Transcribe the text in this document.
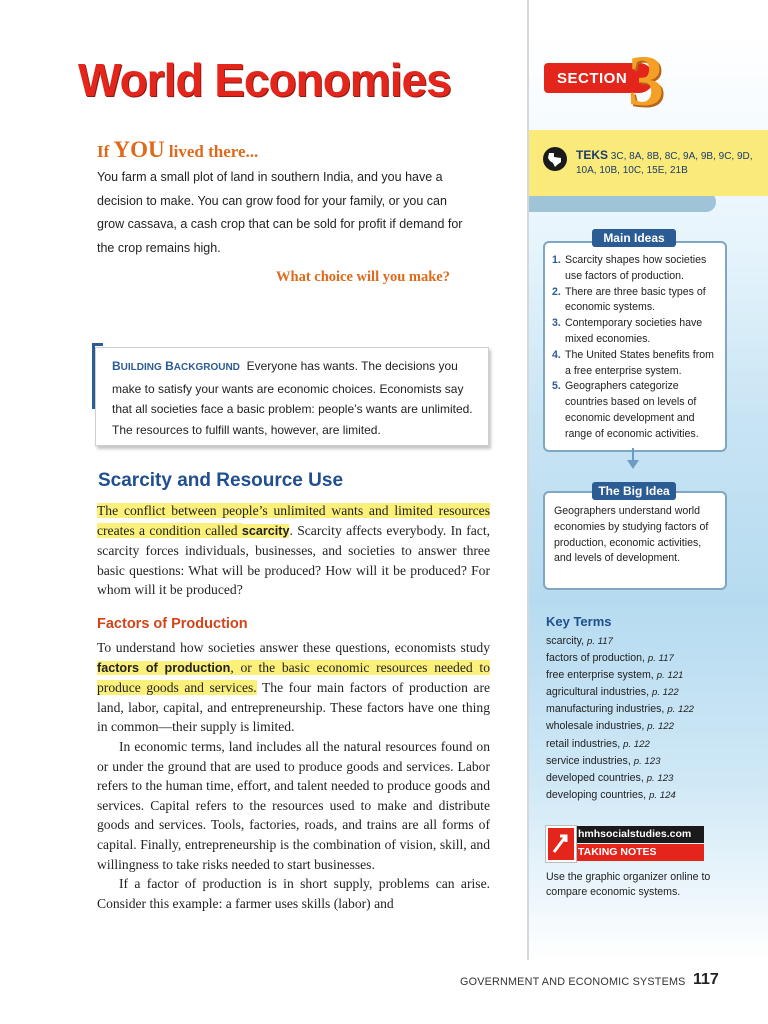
SECTION 3
TEKS 3C, 8A, 8B, 8C, 9A, 9B, 9C, 9D, 10A, 10B, 10C, 15E, 21B
World Economies
If YOU lived there...
You farm a small plot of land in southern India, and you have a decision to make. You can grow food for your family, or you can grow cassava, a cash crop that can be sold for profit if demand for the crop remains high.
What choice will you make?
BUILDING BACKGROUND Everyone has wants. The decisions you make to satisfy your wants are economic choices. Economists say that all societies face a basic problem: people’s wants are unlimited. The resources to fulfill wants, however, are limited.
Scarcity and Resource Use
The conflict between people’s unlimited wants and limited resources creates a condition called scarcity. Scarcity affects everybody. In fact, scarcity forces individuals, businesses, and societies to answer three basic questions: What will be produced? How will it be produced? For whom will it be produced?
Factors of Production
To understand how societies answer these questions, economists study factors of production, or the basic economic resources needed to produce goods and services. The four main factors of production are land, labor, capital, and entrepreneurship. These factors have one thing in common—their supply is limited.
In economic terms, land includes all the natural resources found on or under the ground that are used to produce goods and services. Labor refers to the human time, effort, and talent needed to produce goods and services. Capital refers to the resources used to make and distribute goods and services. Tools, factories, roads, and trains are all forms of capital. Finally, entrepreneurship is the combination of vision, skill, and willingness to take risks needed to start businesses.
If a factor of production is in short supply, problems can arise. Consider this example: a farmer uses skills (labor) and
Main Ideas
1. Scarcity shapes how societies use factors of production.
2. There are three basic types of economic systems.
3. Contemporary societies have mixed economies.
4. The United States benefits from a free enterprise system.
5. Geographers categorize countries based on levels of economic development and range of economic activities.
The Big Idea
Geographers understand world economies by studying factors of production, economic activities, and levels of development.
Key Terms
scarcity, p. 117
factors of production, p. 117
free enterprise system, p. 121
agricultural industries, p. 122
manufacturing industries, p. 122
wholesale industries, p. 122
retail industries, p. 122
service industries, p. 123
developed countries, p. 123
developing countries, p. 124
hmhsocialstudies.com
TAKING NOTES
Use the graphic organizer online to compare economic systems.
GOVERNMENT AND ECONOMIC SYSTEMS 117
